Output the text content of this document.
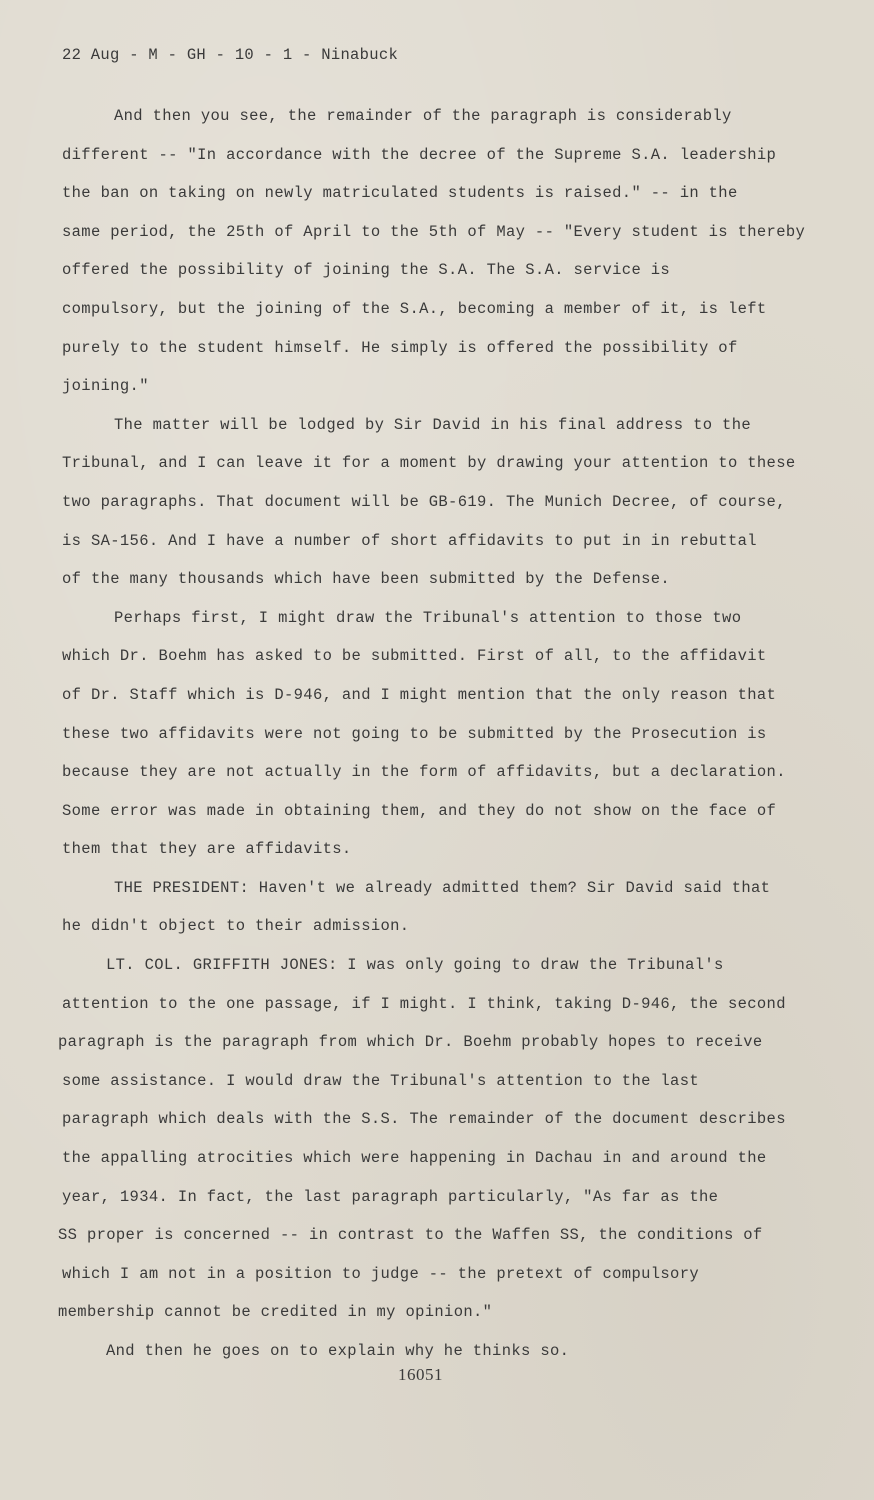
22 Aug - M - GH - 10 - 1 - Ninabuck
And then you see, the remainder of the paragraph is considerably
different -- "In accordance with the decree of the Supreme S.A. leadership
the ban on taking on newly matriculated students is raised." -- in the
same period, the 25th of April to the 5th of May -- "Every student is thereby
offered the possibility of joining the S.A. The S.A. service is
compulsory, but the joining of the S.A., becoming a member of it, is left
purely to the student himself. He simply is offered the possibility of
joining."
The matter will be lodged by Sir David in his final address to the
Tribunal, and I can leave it for a moment by drawing your attention to these
two paragraphs. That document will be GB-619. The Munich Decree, of course,
is SA-156. And I have a number of short affidavits to put in in rebuttal
of the many thousands which have been submitted by the Defense.
Perhaps first, I might draw the Tribunal's attention to those two
which Dr. Boehm has asked to be submitted. First of all, to the affidavit
of Dr. Staff which is D-946, and I might mention that the only reason that
these two affidavits were not going to be submitted by the Prosecution is
because they are not actually in the form of affidavits, but a declaration.
Some error was made in obtaining them, and they do not show on the face of
them that they are affidavits.
THE PRESIDENT: Haven't we already admitted them? Sir David said that
he didn't object to their admission.
LT. COL. GRIFFITH JONES: I was only going to draw the Tribunal's
attention to the one passage, if I might. I think, taking D-946, the second
paragraph is the paragraph from which Dr. Boehm probably hopes to receive
some assistance. I would draw the Tribunal's attention to the last
paragraph which deals with the S.S. The remainder of the document describes
the appalling atrocities which were happening in Dachau in and around the
year, 1934. In fact, the last paragraph particularly, "As far as the
SS proper is concerned -- in contrast to the Waffen SS, the conditions of
which I am not in a position to judge -- the pretext of compulsory
membership cannot be credited in my opinion."
And then he goes on to explain why he thinks so.
16051
